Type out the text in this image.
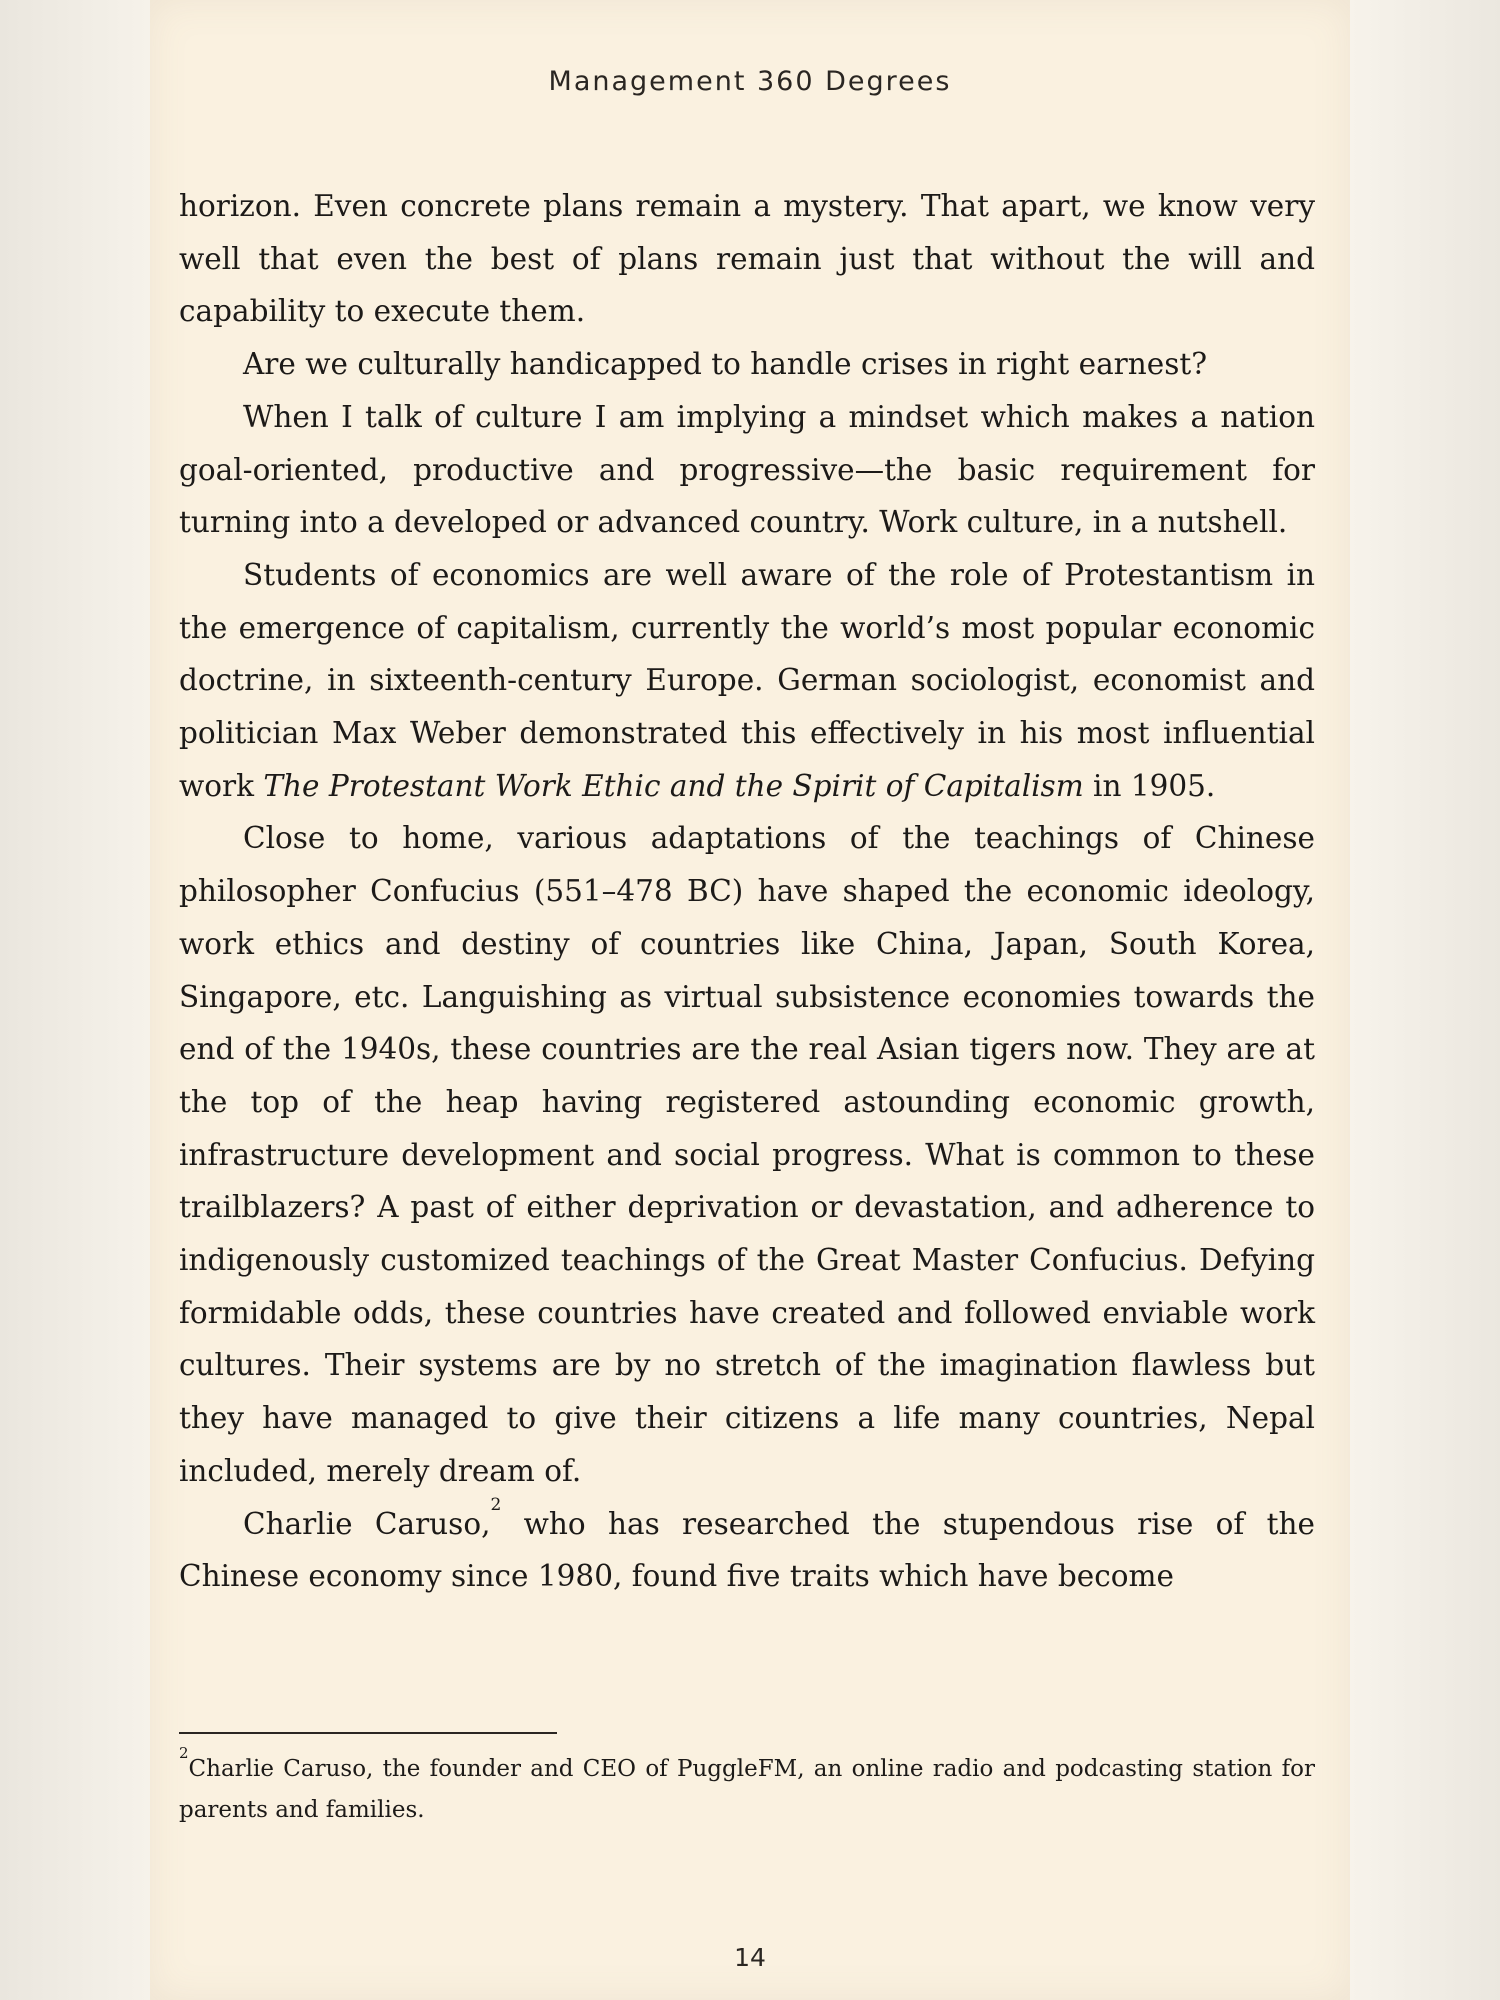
Management 360 Degrees
14

horizon. Even concrete plans remain a mystery. That apart, we know very well that even the best of plans remain just that without the will and capability to execute them.

Are we culturally handicapped to handle crises in right earnest?

When I talk of culture I am implying a mindset which makes a nation goal-oriented, productive and progressive—the basic requirement for turning into a developed or advanced country. Work culture, in a nutshell.

Students of economics are well aware of the role of Protestantism in the emergence of capitalism, currently the world’s most popular economic doctrine, in sixteenth-century Europe. German sociologist, economist and politician Max Weber demonstrated this effectively in his most influential work The Protestant Work Ethic and the Spirit of Capitalism in 1905.

Close to home, various adaptations of the teachings of Chinese philosopher Confucius (551–478 BC) have shaped the economic ideology, work ethics and destiny of countries like China, Japan, South Korea, Singapore, etc. Languishing as virtual subsistence economies towards the end of the 1940s, these countries are the real Asian tigers now. They are at the top of the heap having registered astounding economic growth, infrastructure development and social progress. What is common to these trailblazers? A past of either deprivation or devastation, and adherence to indigenously customized teachings of the Great Master Confucius. Defying formidable odds, these countries have created and followed enviable work cultures. Their systems are by no stretch of the imagination flawless but they have managed to give their citizens a life many countries, Nepal included, merely dream of.

Charlie Caruso,$^2$ who has researched the stupendous rise of the Chinese economy since 1980, found five traits which have become

$^2$Charlie Caruso, the founder and CEO of PuggleFM, an online radio and podcasting station for parents and families.
